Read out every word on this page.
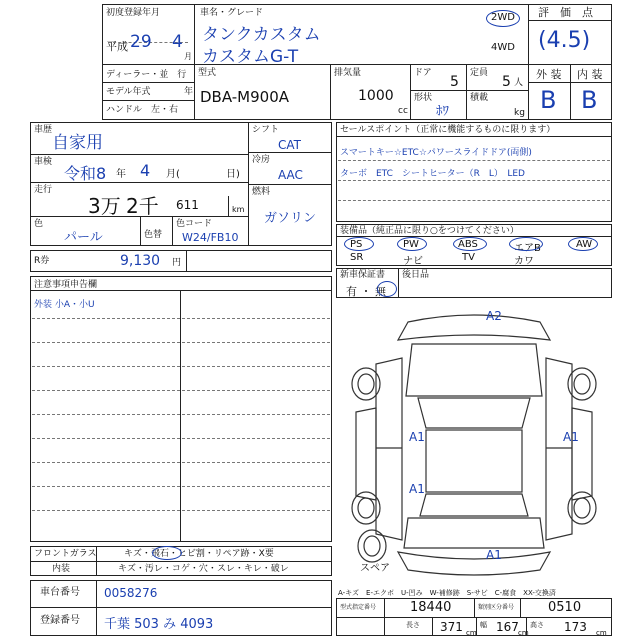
初度登録年月
平成 29 4
月
車名・グレード
タンクカスタム
カスタムG-T
2WD
4WD
評　価　点
(4.5)
ディーラー・並　行
モデル年式	年
ハンドル　左・右
型式
DBA-M900A
排気量
1000
cc
ドア
5
定員
5 人
形状
ﾎﾜ
積載
kg
外 装 内 装
B B
車歴
自家用
車検
令和8 年 4 月(	日)
走行
3万 2千 611	km
色
パール	色替
色コード
W24/FB10
シフト
CAT
冷房
AAC
燃料
ガソリン
R券	9,130 円
注意事項申告欄
外装 小A・小U
セールスポイント（正常に機能するものに限ります）
スマートキー☆ETC☆パワースライドドア(両側)
ターボ　ETC　シートヒーター（R　L）　LED
装備品（純正品に限り○をつけてください）
PS	PW	ABS	エアB	AW
SR	ナビ	TV	カワ
新車保証書
有 ・ 無
後日品
A2
A1	A1
A1
A1
スペア
フロントガラス	キズ・飛石・ヒビ割・リペア跡・X要
内装	キズ・汚レ・コゲ・穴・スレ・キレ・破レ
車台番号 0058276
登録番号 千葉 503 み 4093
A-キズ　E-エクボ　U-凹み　W-補修跡　S-サビ　C-腐食　XX-交換済
型式指定番号	18440	類別区分番号	0510
長さ 371 cm
幅 167 cm
高さ 173 cm
